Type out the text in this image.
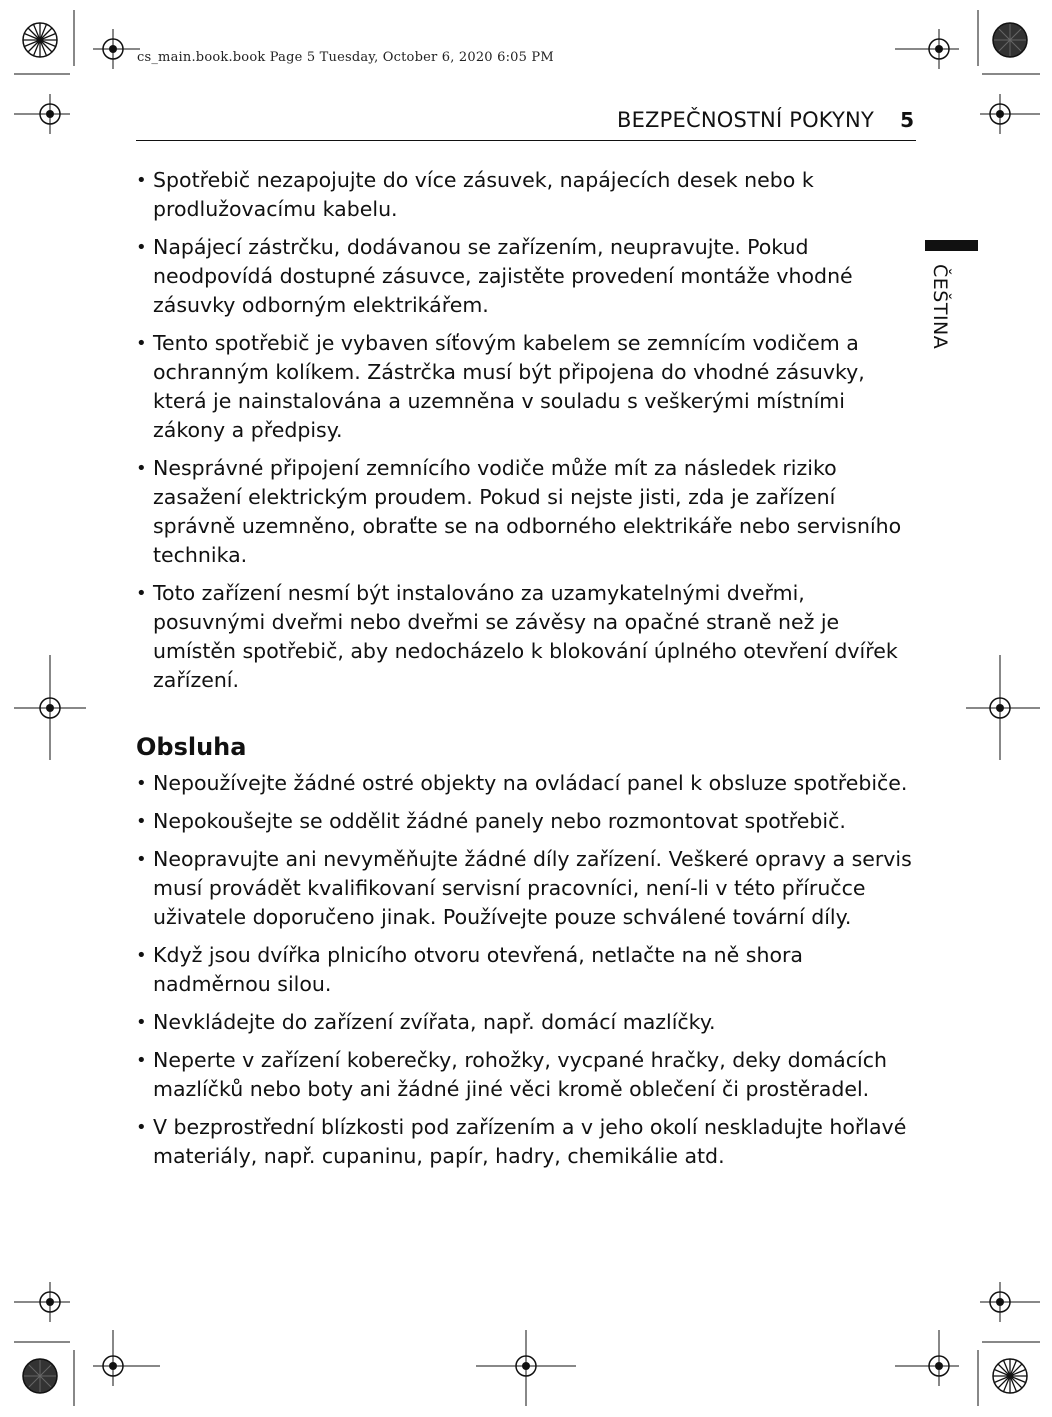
cs_main.book.book Page 5 Tuesday, October 6, 2020 6:05 PM
BEZPEČNOSTNÍ POKYNY 5
ČEŠTINA
• Spotřebič nezapojujte do více zásuvek, napájecích desek nebo k prodlužovacímu kabelu.
• Napájecí zástrčku, dodávanou se zařízením, neupravujte. Pokud neodpovídá dostupné zásuvce, zajistěte provedení montáže vhodné zásuvky odborným elektrikářem.
• Tento spotřebič je vybaven síťovým kabelem se zemnícím vodičem a ochranným kolíkem. Zástrčka musí být připojena do vhodné zásuvky, která je nainstalována a uzemněna v souladu s veškerými místními zákony a předpisy.
• Nesprávné připojení zemnícího vodiče může mít za následek riziko zasažení elektrickým proudem. Pokud si nejste jisti, zda je zařízení správně uzemněno, obraťte se na odborného elektrikáře nebo servisního technika.
• Toto zařízení nesmí být instalováno za uzamykatelnými dveřmi, posuvnými dveřmi nebo dveřmi se závěsy na opačné straně než je umístěn spotřebič, aby nedocházelo k blokování úplného otevření dvířek zařízení.
Obsluha
• Nepoužívejte žádné ostré objekty na ovládací panel k obsluze spotřebiče.
• Nepokoušejte se oddělit žádné panely nebo rozmontovat spotřebič.
• Neopravujte ani nevyměňujte žádné díly zařízení. Veškeré opravy a servis musí provádět kvalifikovaní servisní pracovníci, není-li v této příručce uživatele doporučeno jinak. Používejte pouze schválené tovární díly.
• Když jsou dvířka plnicího otvoru otevřená, netlačte na ně shora nadměrnou silou.
• Nevkládejte do zařízení zvířata, např. domácí mazlíčky.
• Neperte v zařízení koberečky, rohožky, vycpané hračky, deky domácích mazlíčků nebo boty ani žádné jiné věci kromě oblečení či prostěradel.
• V bezprostřední blízkosti pod zařízením a v jeho okolí neskladujte hořlavé materiály, např. cupaninu, papír, hadry, chemikálie atd.
